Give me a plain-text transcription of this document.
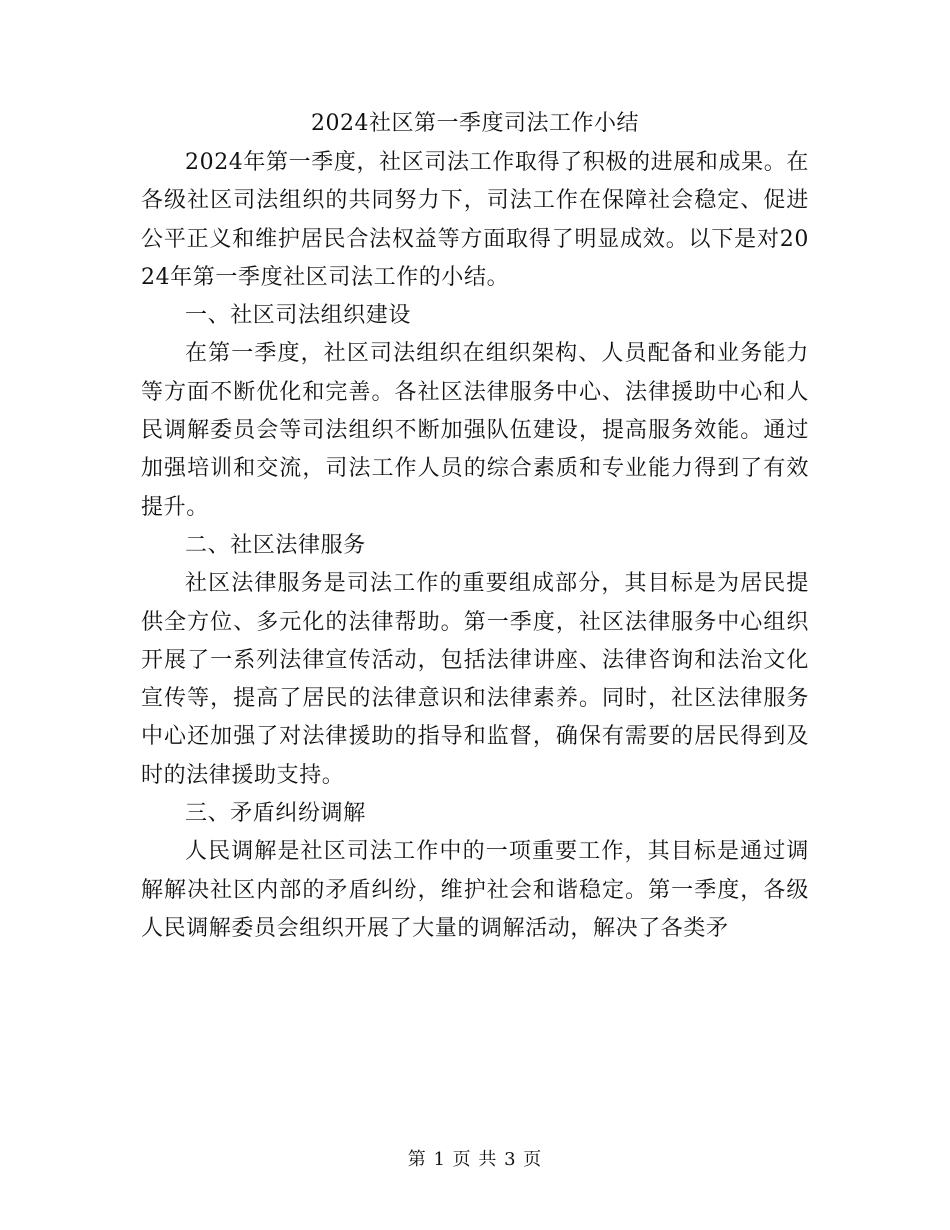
2024社区第一季度司法工作小结

2024年第一季度，社区司法工作取得了积极的进展和成果。在各级社区司法组织的共同努力下，司法工作在保障社会稳定、促进公平正义和维护居民合法权益等方面取得了明显成效。以下是对2024年第一季度社区司法工作的小结。

一、社区司法组织建设

在第一季度，社区司法组织在组织架构、人员配备和业务能力等方面不断优化和完善。各社区法律服务中心、法律援助中心和人民调解委员会等司法组织不断加强队伍建设，提高服务效能。通过加强培训和交流，司法工作人员的综合素质和专业能力得到了有效提升。

二、社区法律服务

社区法律服务是司法工作的重要组成部分，其目标是为居民提供全方位、多元化的法律帮助。第一季度，社区法律服务中心组织开展了一系列法律宣传活动，包括法律讲座、法律咨询和法治文化宣传等，提高了居民的法律意识和法律素养。同时，社区法律服务中心还加强了对法律援助的指导和监督，确保有需要的居民得到及时的法律援助支持。

三、矛盾纠纷调解

人民调解是社区司法工作中的一项重要工作，其目标是通过调解解决社区内部的矛盾纠纷，维护社会和谐稳定。第一季度，各级人民调解委员会组织开展了大量的调解活动，解决了各类矛

第 1 页 共 3 页
